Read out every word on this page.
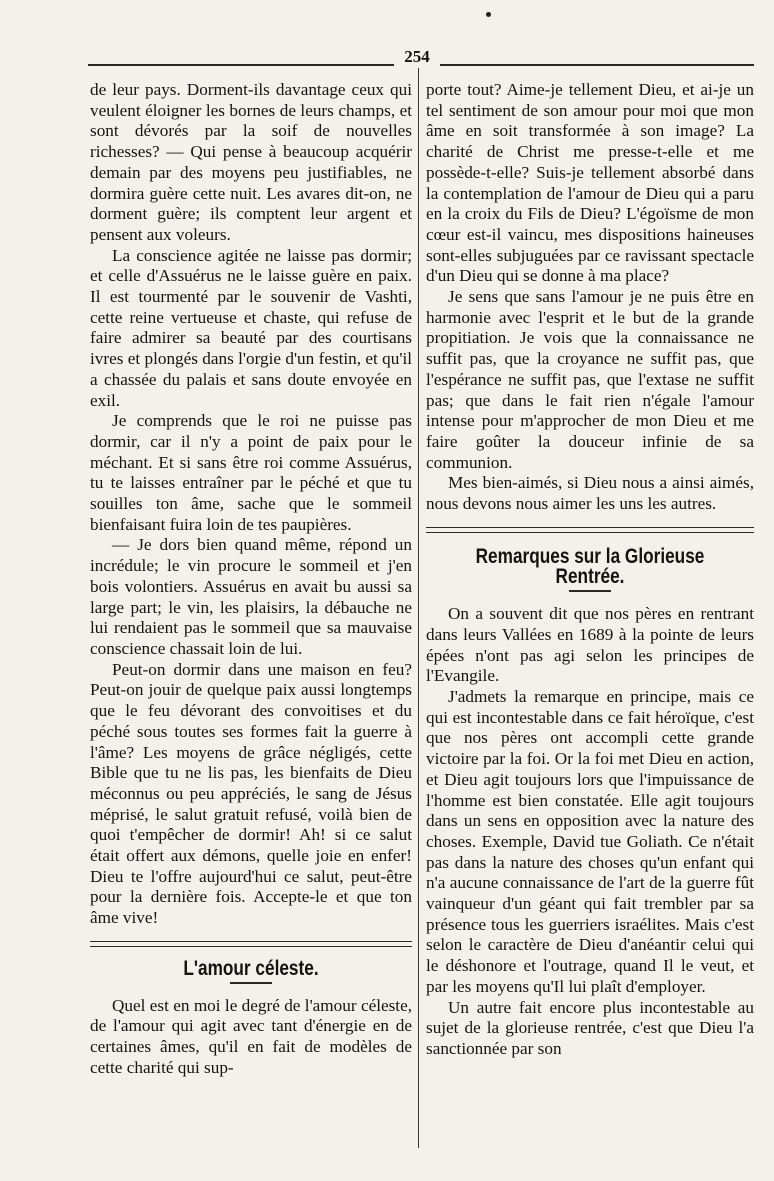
254

de leur pays. Dorment-ils davantage ceux qui veulent éloigner les bornes de leurs champs, et sont dévorés par la soif de nouvelles richesses? — Qui pense à beaucoup acquérir demain par des moyens peu justifiables, ne dormira guère cette nuit. Les avares dit-on, ne dorment guère; ils comptent leur argent et pensent aux voleurs.

La conscience agitée ne laisse pas dormir; et celle d'Assuérus ne le laisse guère en paix. Il est tourmenté par le souvenir de Vashti, cette reine vertueuse et chaste, qui refuse de faire admirer sa beauté par des courtisans ivres et plongés dans l'orgie d'un festin, et qu'il a chassée du palais et sans doute envoyée en exil.

Je comprends que le roi ne puisse pas dormir, car il n'y a point de paix pour le méchant. Et si sans être roi comme Assuérus, tu te laisses entraîner par le péché et que tu souilles ton âme, sache que le sommeil bienfaisant fuira loin de tes paupières.

— Je dors bien quand même, répond un incrédule; le vin procure le sommeil et j'en bois volontiers. Assuérus en avait bu aussi sa large part; le vin, les plaisirs, la débauche ne lui rendaient pas le sommeil que sa mauvaise conscience chassait loin de lui.

Peut-on dormir dans une maison en feu? Peut-on jouir de quelque paix aussi longtemps que le feu dévorant des convoitises et du péché sous toutes ses formes fait la guerre à l'âme? Les moyens de grâce négligés, cette Bible que tu ne lis pas, les bienfaits de Dieu méconnus ou peu appréciés, le sang de Jésus méprisé, le salut gratuit refusé, voilà bien de quoi t'empêcher de dormir! Ah! si ce salut était offert aux démons, quelle joie en enfer! Dieu te l'offre aujourd'hui ce salut, peut-être pour la dernière fois. Accepte-le et que ton âme vive!

L'amour céleste.

Quel est en moi le degré de l'amour céleste, de l'amour qui agit avec tant d'énergie en de certaines âmes, qu'il en fait de modèles de cette charité qui sup-

porte tout? Aime-je tellement Dieu, et ai-je un tel sentiment de son amour pour moi que mon âme en soit transformée à son image? La charité de Christ me presse-t-elle et me possède-t-elle? Suis-je tellement absorbé dans la contemplation de l'amour de Dieu qui a paru en la croix du Fils de Dieu? L'égoïsme de mon cœur est-il vaincu, mes dispositions haineuses sont-elles subjuguées par ce ravissant spectacle d'un Dieu qui se donne à ma place?

Je sens que sans l'amour je ne puis être en harmonie avec l'esprit et le but de la grande propitiation. Je vois que la connaissance ne suffit pas, que la croyance ne suffit pas, que l'espérance ne suffit pas, que l'extase ne suffit pas; que dans le fait rien n'égale l'amour intense pour m'approcher de mon Dieu et me faire goûter la douceur infinie de sa communion.

Mes bien-aimés, si Dieu nous a ainsi aimés, nous devons nous aimer les uns les autres.

Remarques sur la Glorieuse Rentrée.

On a souvent dit que nos pères en rentrant dans leurs Vallées en 1689 à la pointe de leurs épées n'ont pas agi selon les principes de l'Evangile.

J'admets la remarque en principe, mais ce qui est incontestable dans ce fait héroïque, c'est que nos pères ont accompli cette grande victoire par la foi. Or la foi met Dieu en action, et Dieu agit toujours lors que l'impuissance de l'homme est bien constatée. Elle agit toujours dans un sens en opposition avec la nature des choses. Exemple, David tue Goliath. Ce n'était pas dans la nature des choses qu'un enfant qui n'a aucune connaissance de l'art de la guerre fût vainqueur d'un géant qui fait trembler par sa présence tous les guerriers israélites. Mais c'est selon le caractère de Dieu d'anéantir celui qui le déshonore et l'outrage, quand Il le veut, et par les moyens qu'Il lui plaît d'employer.

Un autre fait encore plus incontestable au sujet de la glorieuse rentrée, c'est que Dieu l'a sanctionnée par son
